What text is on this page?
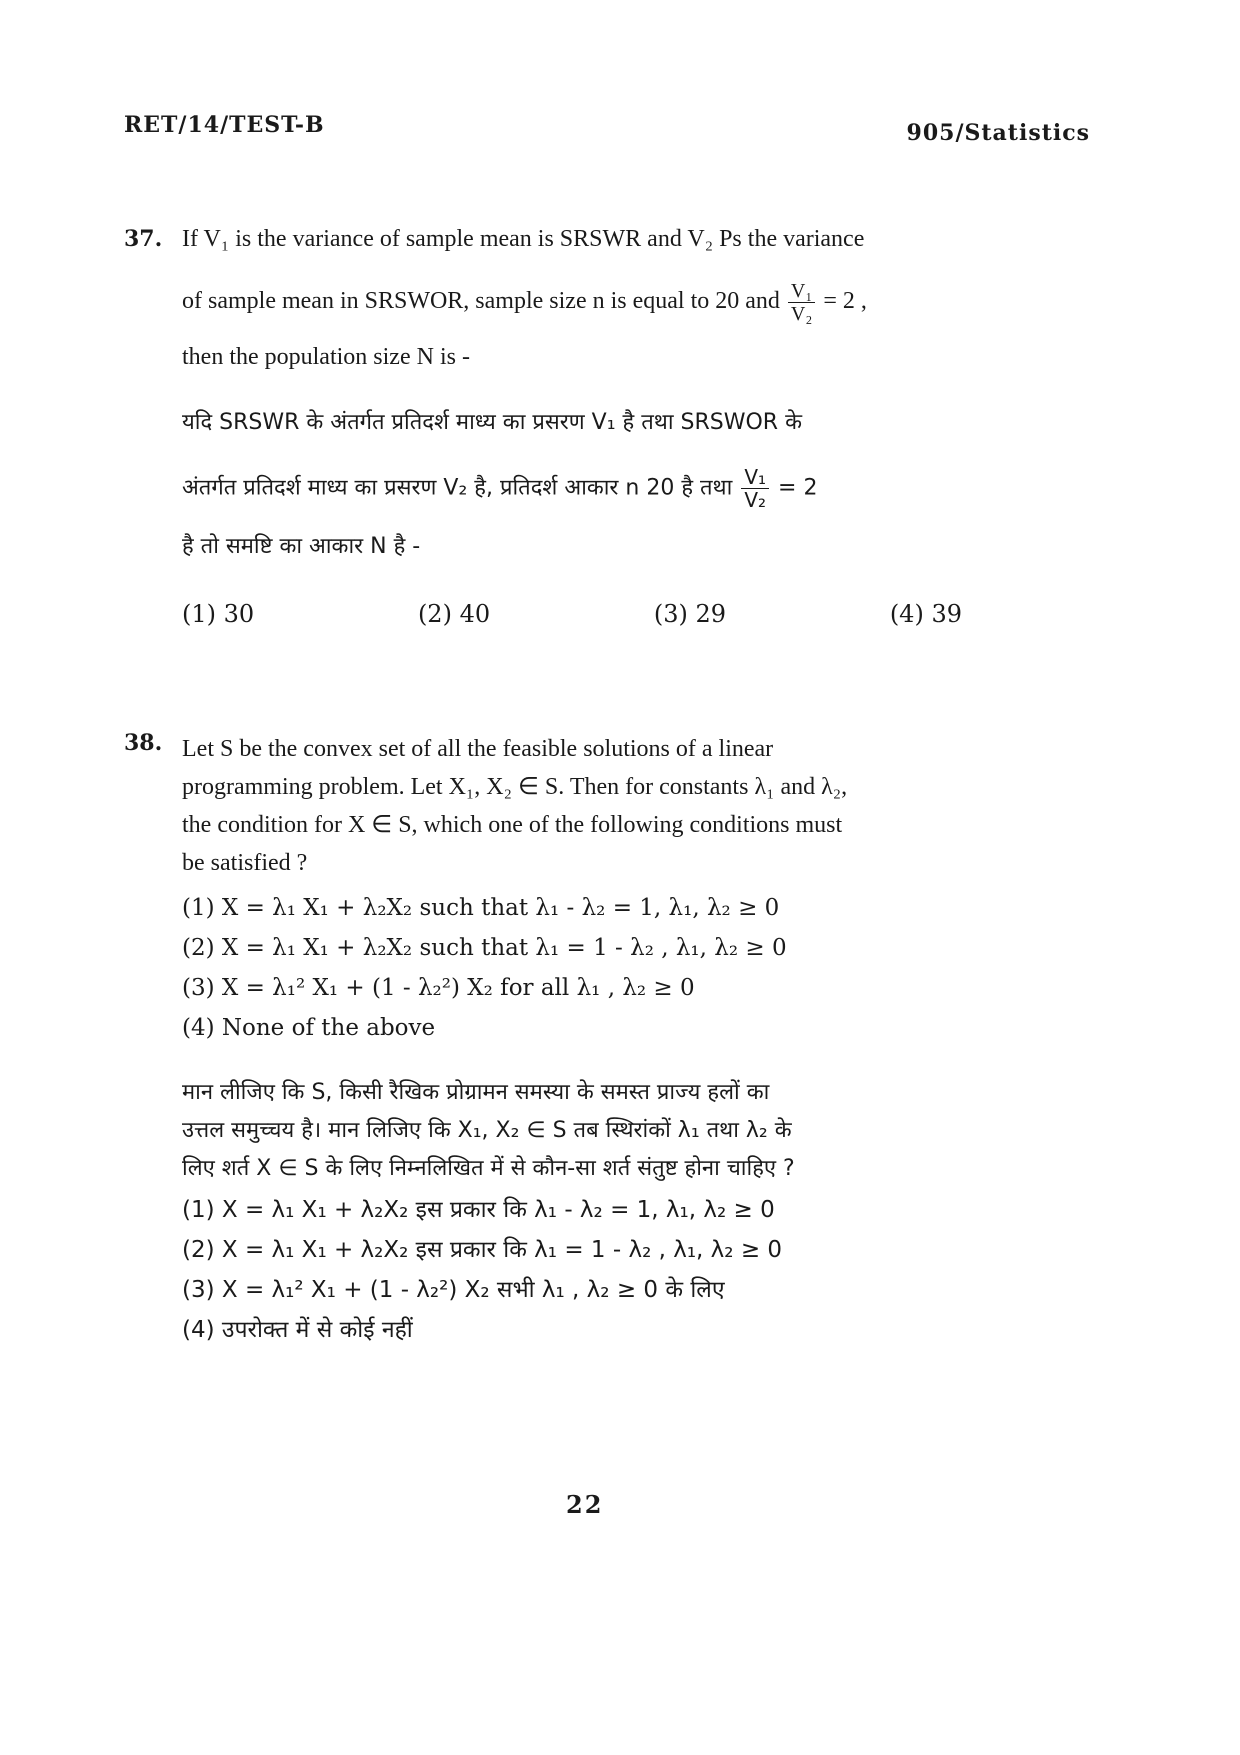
RET/14/TEST-B	905/Statistics
37. If V₁ is the variance of sample mean is SRSWR and V₂ Ps the variance
of sample mean in SRSWOR, sample size n is equal to 20 and $\frac{\text{V₁}}{\text{V₂}} = 2$ ,
then the population size N is -
यदि SRSWR के अंतर्गत प्रतिदर्श माध्य का प्रसरण V₁ है तथा SRSWOR के
अंतर्गत प्रतिदर्श माध्य का प्रसरण V₂ है, प्रतिदर्श आकार n 20 है तथा $\frac{\text{V₁}}{\text{V₂}} = 2$
है तो समष्टि का आकार N है -
(1) 30	(2) 40	(3) 29	(4) 39
38. Let S be the convex set of all the feasible solutions of a linear
programming problem. Let X₁, X₂ ∈ S. Then for constants λ₁ and λ₂,
the condition for X ∈ S, which one of the following conditions must
be satisfied ?
(1) X = λ₁ X₁ + λ₂X₂ such that λ₁ - λ₂ = 1, λ₁, λ₂ ≥ 0
(2) X = λ₁ X₁ + λ₂X₂ such that λ₁ = 1 - λ₂ , λ₁, λ₂ ≥ 0
(3) X = λ₁² X₁ + (1 - λ₂²) X₂ for all λ₁ , λ₂ ≥ 0
(4) None of the above
मान लीजिए कि S, किसी रैखिक प्रोग्रामन समस्या के समस्त प्राज्य हलों का
उत्तल समुच्चय है। मान लिजिए कि X₁, X₂ ∈ S तब स्थिरांकों λ₁ तथा λ₂ के
लिए शर्त X ∈ S के लिए निम्नलिखित में से कौन-सा शर्त संतुष्ट होना चाहिए ?
(1) X = λ₁ X₁ + λ₂X₂ इस प्रकार कि λ₁ - λ₂ = 1, λ₁, λ₂ ≥ 0
(2) X = λ₁ X₁ + λ₂X₂ इस प्रकार कि λ₁ = 1 - λ₂ , λ₁, λ₂ ≥ 0
(3) X = λ₁² X₁ + (1 - λ₂²) X₂ सभी λ₁ , λ₂ ≥ 0 के लिए
(4) उपरोक्त में से कोई नहीं
22
